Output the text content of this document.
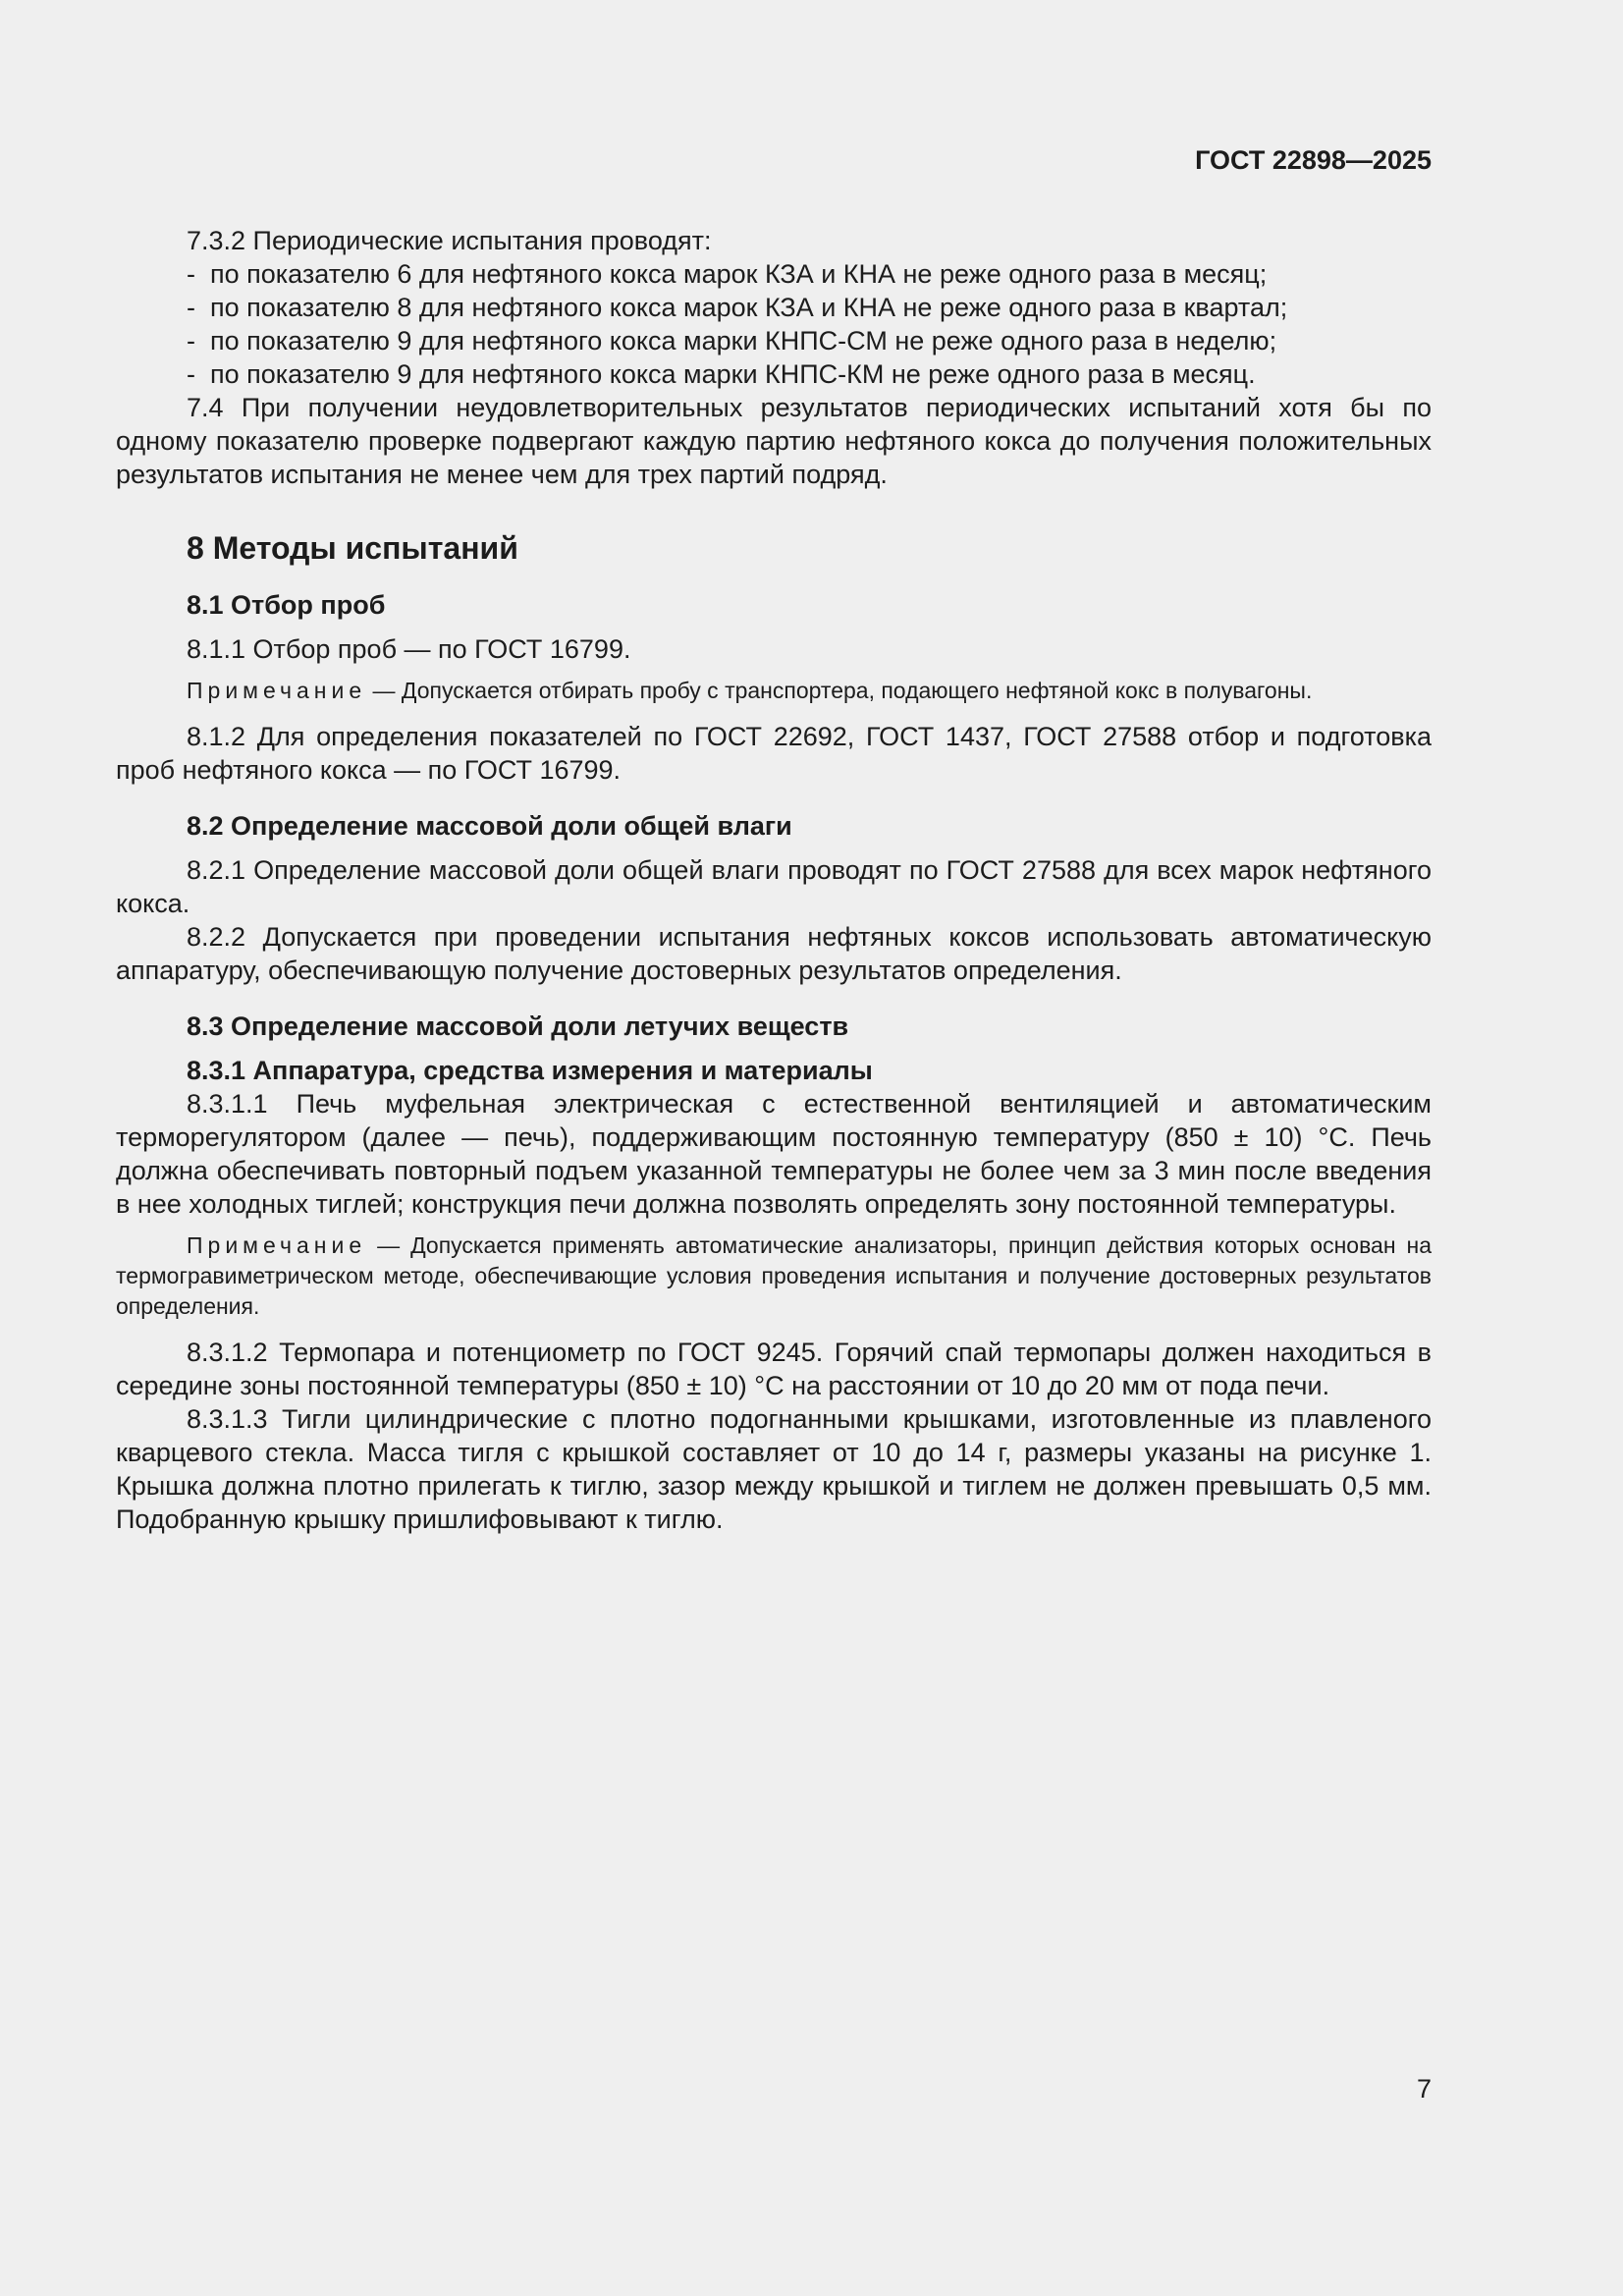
ГОСТ 22898—2025

7.3.2 Периодические испытания проводят:

- по показателю 6 для нефтяного кокса марок КЗА и КНА не реже одного раза в месяц;

- по показателю 8 для нефтяного кокса марок КЗА и КНА не реже одного раза в квартал;

- по показателю 9 для нефтяного кокса марки КНПС-СМ не реже одного раза в неделю;

- по показателю 9 для нефтяного кокса марки КНПС-КМ не реже одного раза в месяц.

7.4 При получении неудовлетворительных результатов периодических испытаний хотя бы по одному показателю проверке подвергают каждую партию нефтяного кокса до получения положительных результатов испытания не менее чем для трех партий подряд.

8 Методы испытаний
8.1 Отбор проб

8.1.1 Отбор проб — по ГОСТ 16799.

Примечание — Допускается отбирать пробу с транспортера, подающего нефтяной кокс в полувагоны.

8.1.2 Для определения показателей по ГОСТ 22692, ГОСТ 1437, ГОСТ 27588 отбор и подготовка проб нефтяного кокса — по ГОСТ 16799.

8.2 Определение массовой доли общей влаги

8.2.1 Определение массовой доли общей влаги проводят по ГОСТ 27588 для всех марок нефтяного кокса.

8.2.2 Допускается при проведении испытания нефтяных коксов использовать автоматическую аппаратуру, обеспечивающую получение достоверных результатов определения.

8.3 Определение массовой доли летучих веществ
8.3.1 Аппаратура, средства измерения и материалы

8.3.1.1 Печь муфельная электрическая с естественной вентиляцией и автоматическим терморегулятором (далее — печь), поддерживающим постоянную температуру (850 ± 10) °С. Печь должна обеспечивать повторный подъем указанной температуры не более чем за 3 мин после введения в нее холодных тиглей; конструкция печи должна позволять определять зону постоянной температуры.

Примечание — Допускается применять автоматические анализаторы, принцип действия которых основан на термогравиметрическом методе, обеспечивающие условия проведения испытания и получение достоверных результатов определения.

8.3.1.2 Термопара и потенциометр по ГОСТ 9245. Горячий спай термопары должен находиться в середине зоны постоянной температуры (850 ± 10) °С на расстоянии от 10 до 20 мм от пода печи.

8.3.1.3 Тигли цилиндрические с плотно подогнанными крышками, изготовленные из плавленого кварцевого стекла. Масса тигля с крышкой составляет от 10 до 14 г, размеры указаны на рисунке 1. Крышка должна плотно прилегать к тиглю, зазор между крышкой и тиглем не должен превышать 0,5 мм. Подобранную крышку пришлифовывают к тиглю.

7
